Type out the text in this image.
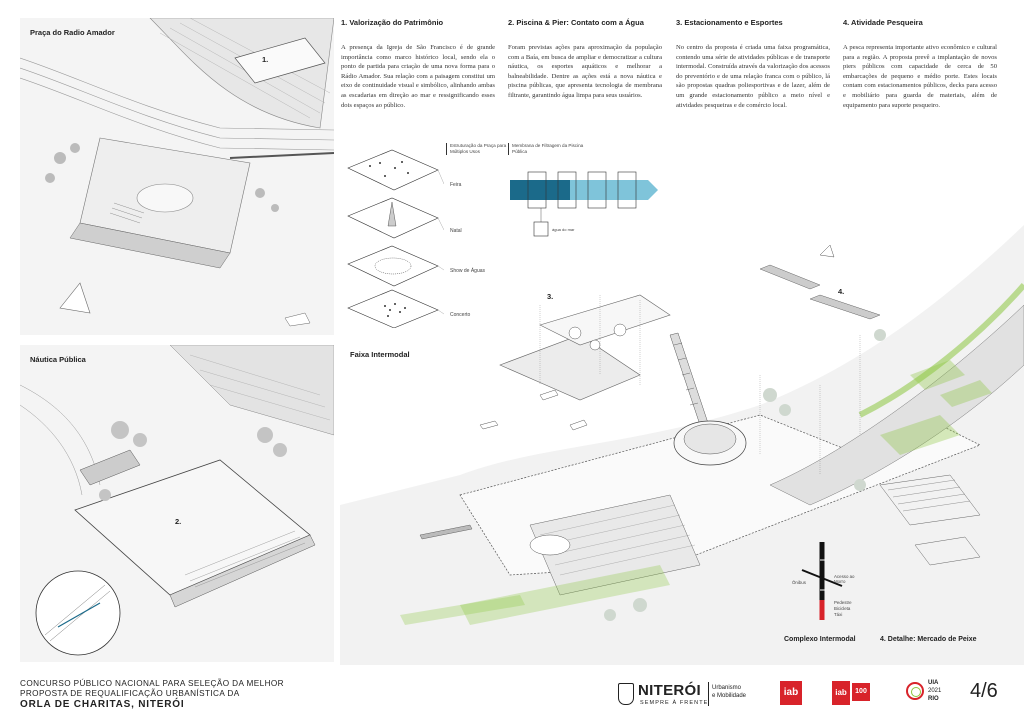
Praça do Radio Amador
1.
Náutica Pública
2.
1. Valorização do Patrimônio

A presença da Igreja de São Francisco é de grande importância como marco histórico local, sendo ela o ponto de partida para criação de uma nova forma para o Rádio Amador. Sua relação com a paisagem constitui um eixo de continuidade visual e simbólico, alinhando ambas as escadarias em direção ao mar e ressignificando esses dois espaços ao público.

2. Piscina & Pier: Contato com a Água

Foram previstas ações para aproximação da população com a Baía, em busca de ampliar e democratizar a cultura náutica, os esportes aquáticos e melhorar a balneabilidade. Dentre as ações está a nova náutica e piscina públicas, que apresenta tecnologia de membrana filtrante, garantindo água limpa para seus usuários.

3. Estacionamento e Esportes

No centro da proposta é criada uma faixa programática, contendo uma série de atividades públicas e de transporte intermodal. Construída através da valorização dos acessos do preventório e de uma relação franca com o público, lá são propostas quadras poliesportivas e de lazer, além de um grande estacionamento público a meio nível e atividades pesqueiras e de comércio local.

4. Atividade Pesqueira

A pesca representa importante ativo econômico e cultural para a região. A proposta prevê a implantação de novos piers públicos com capacidade de cerca de 50 embarcações de pequeno e médio porte. Estes locais contam com estacionamentos públicos, decks para acesso e mobiliário para guarda de materiais, além de equipamento para suporte pesqueiro.

Estruturação da Praça para Múltiplos Usos
Feira
Natal
Show de Águas
Concerto
Membrana de Filtragem da Piscina Pública
água do mar
Faixa Intermodal
3.
4.
Ônibus
Acesso ao Morro
Pedestre
Bicicleta
Táxi
Complexo Intermodal	4. Detalhe: Mercado de Peixe
CONCURSO PÚBLICO NACIONAL PARA SELEÇÃO DA MELHOR
PROPOSTA DE REQUALIFICAÇÃO URBANÍSTICA DA
ORLA DE CHARITAS, NITERÓI
NITERÓI
SEMPRE À FRENTE
Urbanismo
e Mobilidade	iab	iab	100
UIA
2021
RIO 4/6
